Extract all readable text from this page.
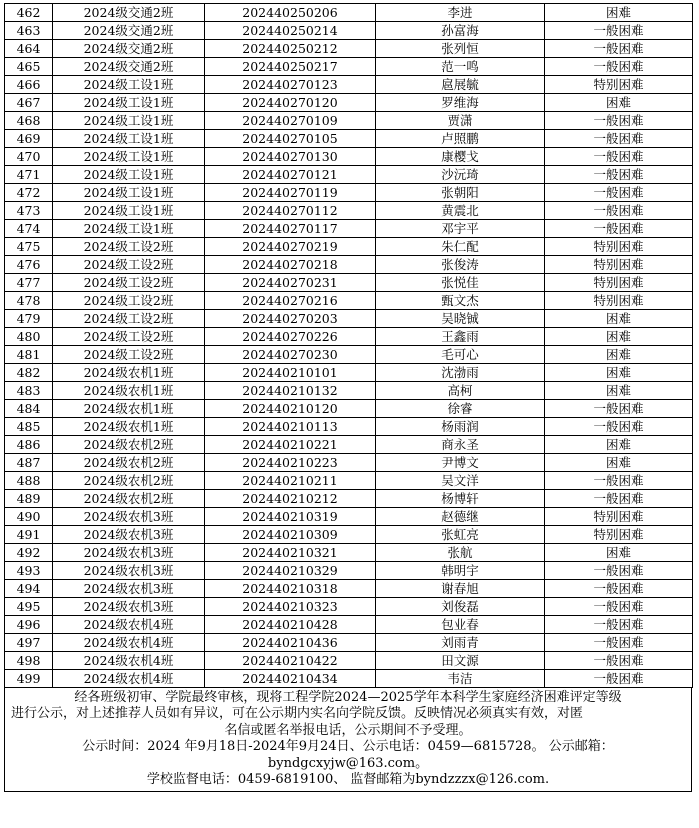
462	2024级交通2班	202440250206	李进	困难
463	2024级交通2班	202440250214	孙富海	一般困难
464	2024级交通2班	202440250212	张列恒	一般困难
465	2024级交通2班	202440250217	范一鸣	一般困难
466	2024级工设1班	202440270123	扈展毓	特别困难
467	2024级工设1班	202440270120	罗维海	困难
468	2024级工设1班	202440270109	贾潇	一般困难
469	2024级工设1班	202440270105	卢照鹏	一般困难
470	2024级工设1班	202440270130	康樱戈	一般困难
471	2024级工设1班	202440270121	沙沅琦	一般困难
472	2024级工设1班	202440270119	张朝阳	一般困难
473	2024级工设1班	202440270112	黄震北	一般困难
474	2024级工设1班	202440270117	邓宇平	一般困难
475	2024级工设2班	202440270219	朱仁配	特别困难
476	2024级工设2班	202440270218	张俊涛	特别困难
477	2024级工设2班	202440270231	张悦佳	特别困难
478	2024级工设2班	202440270216	甄文杰	特别困难
479	2024级工设2班	202440270203	吴晓铖	困难
480	2024级工设2班	202440270226	王鑫雨	困难
481	2024级工设2班	202440270230	毛可心	困难
482	2024级农机1班	202440210101	沈渤雨	困难
483	2024级农机1班	202440210132	高柯	困难
484	2024级农机1班	202440210120	徐睿	一般困难
485	2024级农机1班	202440210113	杨雨润	一般困难
486	2024级农机2班	202440210221	商永圣	困难
487	2024级农机2班	202440210223	尹博文	困难
488	2024级农机2班	202440210211	吴文洋	一般困难
489	2024级农机2班	202440210212	杨博轩	一般困难
490	2024级农机3班	202440210319	赵德继	特别困难
491	2024级农机3班	202440210309	张虹亮	特别困难
492	2024级农机3班	202440210321	张航	困难
493	2024级农机3班	202440210329	韩明宇	一般困难
494	2024级农机3班	202440210318	谢春旭	一般困难
495	2024级农机3班	202440210323	刘俊磊	一般困难
496	2024级农机4班	202440210428	包业春	一般困难
497	2024级农机4班	202440210436	刘雨青	一般困难
498	2024级农机4班	202440210422	田文源	一般困难
499	2024级农机4班	202440210434	韦洁	一般困难

经各班级初审、学院最终审核，现将工程学院2024—2025学年本科学生家庭经济困难评定等级

进行公示，对上述推荐人员如有异议，可在公示期内实名向学院反馈。反映情况必须真实有效，对匿

名信或匿名举报电话，公示期间不予受理。

公示时间：2024 年9月18日-2024年9月24日、公示电话：0459—6815728。 公示邮箱：

byndgcxyjw@163.com。

学校监督电话：0459-6819100、 监督邮箱为byndzzzx@126.com.
